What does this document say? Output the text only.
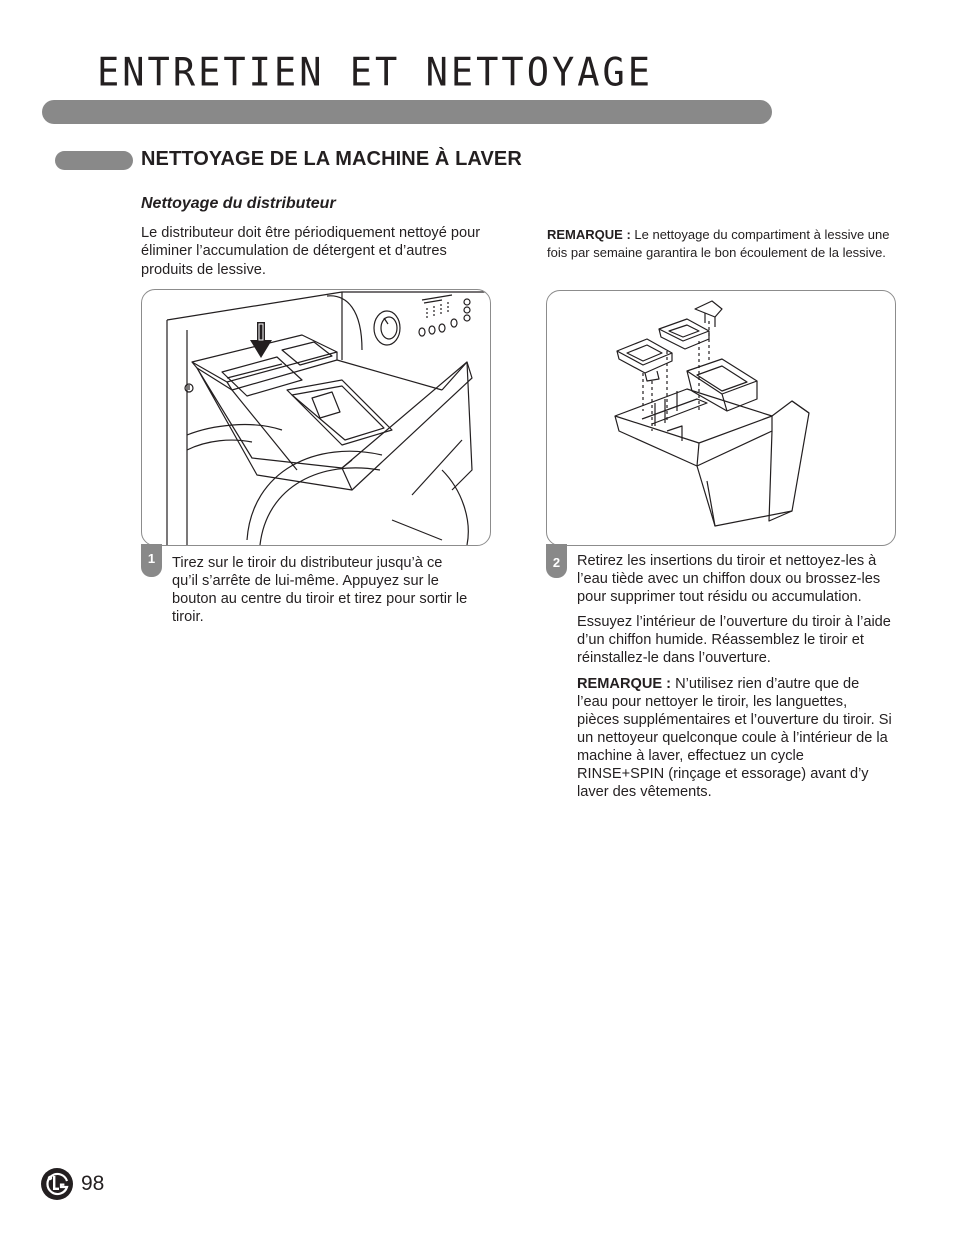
ENTRETIEN ET NETTOYAGE
NETTOYAGE DE LA MACHINE À LAVER
Nettoyage du distributeur
Le distributeur doit être périodiquement nettoyé pour éliminer l’accumulation de détergent et d’autres produits de lessive.
REMARQUE : Le nettoyage du compartiment à lessive une fois par semaine garantira le bon écoulement de la lessive.
1	Tirez sur le tiroir du distributeur jusqu’à ce qu’il s’arrête de lui-même. Appuyez sur le bouton au centre du tiroir et tirez pour sortir le tiroir.
2	Retirez les insertions du tiroir et nettoyez-les à l’eau tiède avec un chiffon doux ou brossez-les pour supprimer tout résidu ou accumulation.

Essuyez l’intérieur de l’ouverture du tiroir à l’aide d’un chiffon humide. Réassemblez le tiroir et réinstallez-le dans l’ouverture.

REMARQUE : N’utilisez rien d’autre que de l’eau pour nettoyer le tiroir, les languettes, pièces supplémentaires et l’ouverture du tiroir. Si un nettoyeur quelconque coule à l’intérieur de la machine à laver, effectuez un cycle RINSE+SPIN (rinçage et essorage) avant d’y laver des vêtements.

98
